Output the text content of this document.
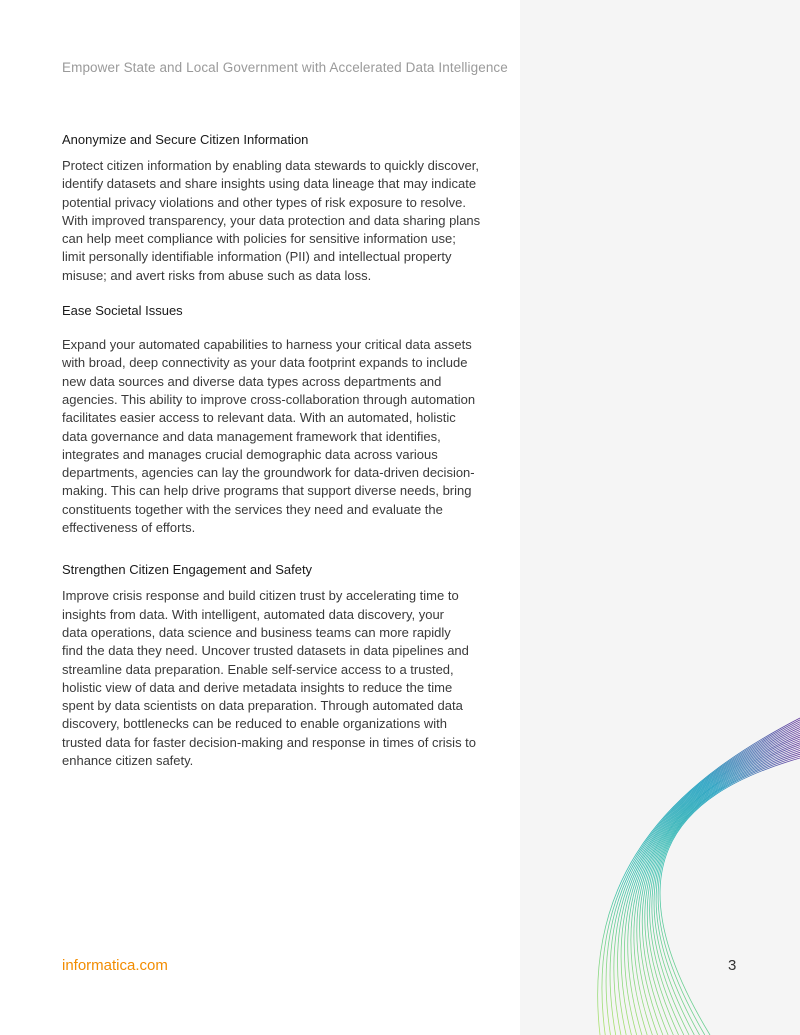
Empower State and Local Government with Accelerated Data Intelligence
Anonymize and Secure Citizen Information

Protect citizen information by enabling data stewards to quickly discover,
identify datasets and share insights using data lineage that may indicate
potential privacy violations and other types of risk exposure to resolve.
With improved transparency, your data protection and data sharing plans
can help meet compliance with policies for sensitive information use;
limit personally identifiable information (PII) and intellectual property
misuse; and avert risks from abuse such as data loss.

Ease Societal Issues

Expand your automated capabilities to harness your critical data assets
with broad, deep connectivity as your data footprint expands to include
new data sources and diverse data types across departments and
agencies. This ability to improve cross-collaboration through automation
facilitates easier access to relevant data. With an automated, holistic
data governance and data management framework that identifies,
integrates and manages crucial demographic data across various
departments, agencies can lay the groundwork for data-driven decision-
making. This can help drive programs that support diverse needs, bring
constituents together with the services they need and evaluate the
effectiveness of efforts.

Strengthen Citizen Engagement and Safety

Improve crisis response and build citizen trust by accelerating time to
insights from data. With intelligent, automated data discovery, your
data operations, data science and business teams can more rapidly
find the data they need. Uncover trusted datasets in data pipelines and
streamline data preparation. Enable self-service access to a trusted,
holistic view of data and derive metadata insights to reduce the time
spent by data scientists on data preparation. Through automated data
discovery, bottlenecks can be reduced to enable organizations with
trusted data for faster decision-making and response in times of crisis to
enhance citizen safety.

informatica.com	3
